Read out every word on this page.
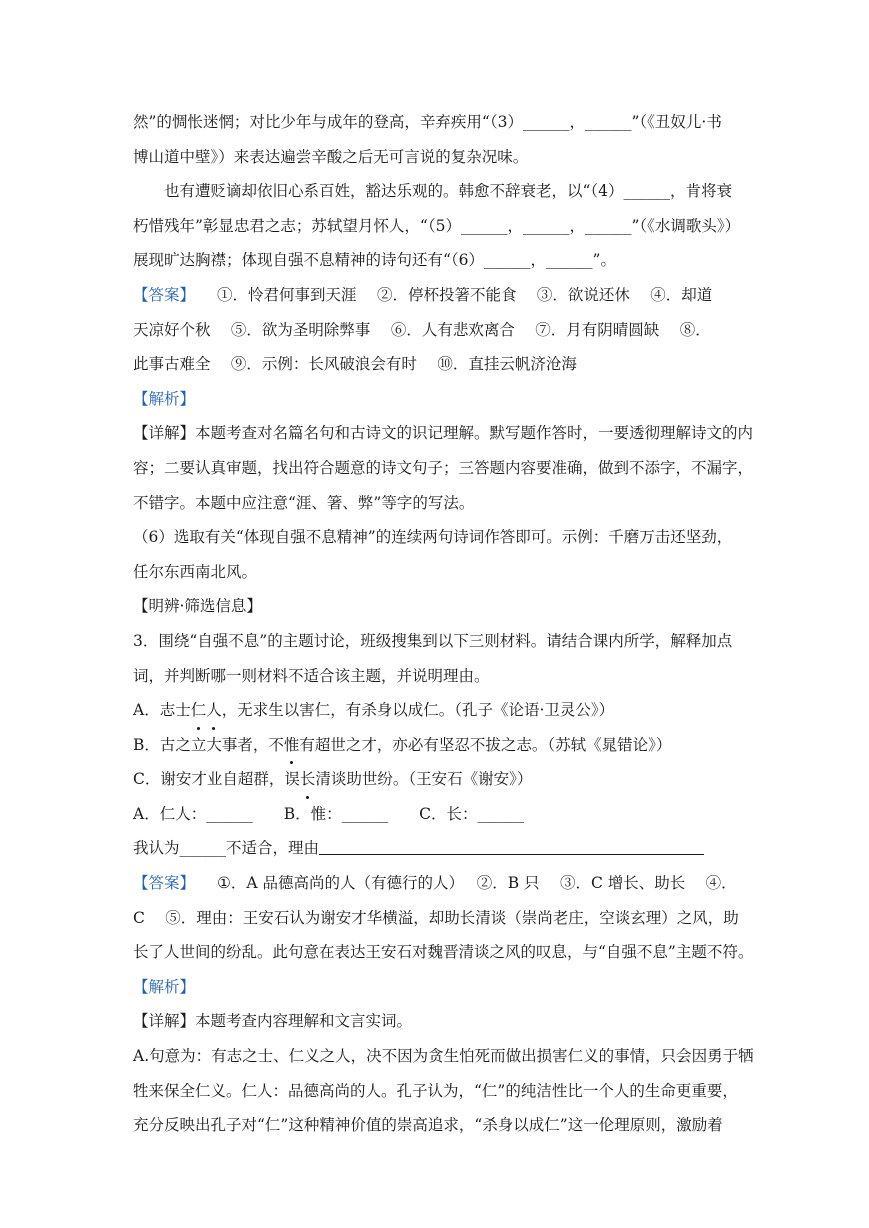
然”的惆怅迷惘；对比少年与成年的登高，辛弃疾用“（3）______，______”（《丑奴儿·书
博山道中壁》）来表达遍尝辛酸之后无可言说的复杂况味。
也有遭贬谪却依旧心系百姓，豁达乐观的。韩愈不辞衰老，以“（4）______，肯将衰
朽惜残年”彰显忠君之志；苏轼望月怀人，“（5）______，______，______”（《水调歌头》）
展现旷达胸襟；体现自强不息精神的诗句还有“（6）______，______”。
【答案】 ①．怜君何事到天涯　 ②．停杯投箸不能食　 ③．欲说还休　 ④．却道
天凉好个秋　 ⑤．欲为圣明除弊事　 ⑥．人有悲欢离合　 ⑦．月有阴晴圆缺　 ⑧．
此事古难全　 ⑨．示例：长风破浪会有时　 ⑩．直挂云帆济沧海
【解析】
【详解】本题考查对名篇名句和古诗文的识记理解。默写题作答时，一要透彻理解诗文的内
容；二要认真审题，找出符合题意的诗文句子；三答题内容要准确，做到不添字，不漏字，
不错字。本题中应注意“涯、箸、弊”等字的写法。
（6）选取有关“体现自强不息精神”的连续两句诗词作答即可。示例：千磨万击还坚劲，
任尔东西南北风。
【明辨·筛选信息】
3．围绕“自强不息”的主题讨论，班级搜集到以下三则材料。请结合课内所学，解释加点
词，并判断哪一则材料不适合该主题，并说明理由。
A．志士仁人，无求生以害仁，有杀身以成仁。（孔子《论语·卫灵公》）
B．古之立大事者，不惟有超世之才，亦必有坚忍不拔之志。（苏轼《晁错论》）
C．谢安才业自超群，误长清谈助世纷。（王安石《谢安》）
A．仁人：______　　B．惟：______　　C．长：______
我认为______不适合，理由
【答案】 ①．A 品德高尚的人（有德行的人）　 ②．B 只　 ③．C 增长、助长　 ④．
C　 ⑤．理由：王安石认为谢安才华横溢，却助长清谈（崇尚老庄，空谈玄理）之风，助
长了人世间的纷乱。此句意在表达王安石对魏晋清谈之风的叹息，与“自强不息”主题不符。
【解析】
【详解】本题考查内容理解和文言实词。
A.句意为：有志之士、仁义之人，决不因为贪生怕死而做出损害仁义的事情，只会因勇于牺
牲来保全仁义。仁人：品德高尚的人。孔子认为，“仁”的纯洁性比一个人的生命更重要，
充分反映出孔子对“仁”这种精神价值的崇高追求，“杀身以成仁”这一伦理原则，激励着
